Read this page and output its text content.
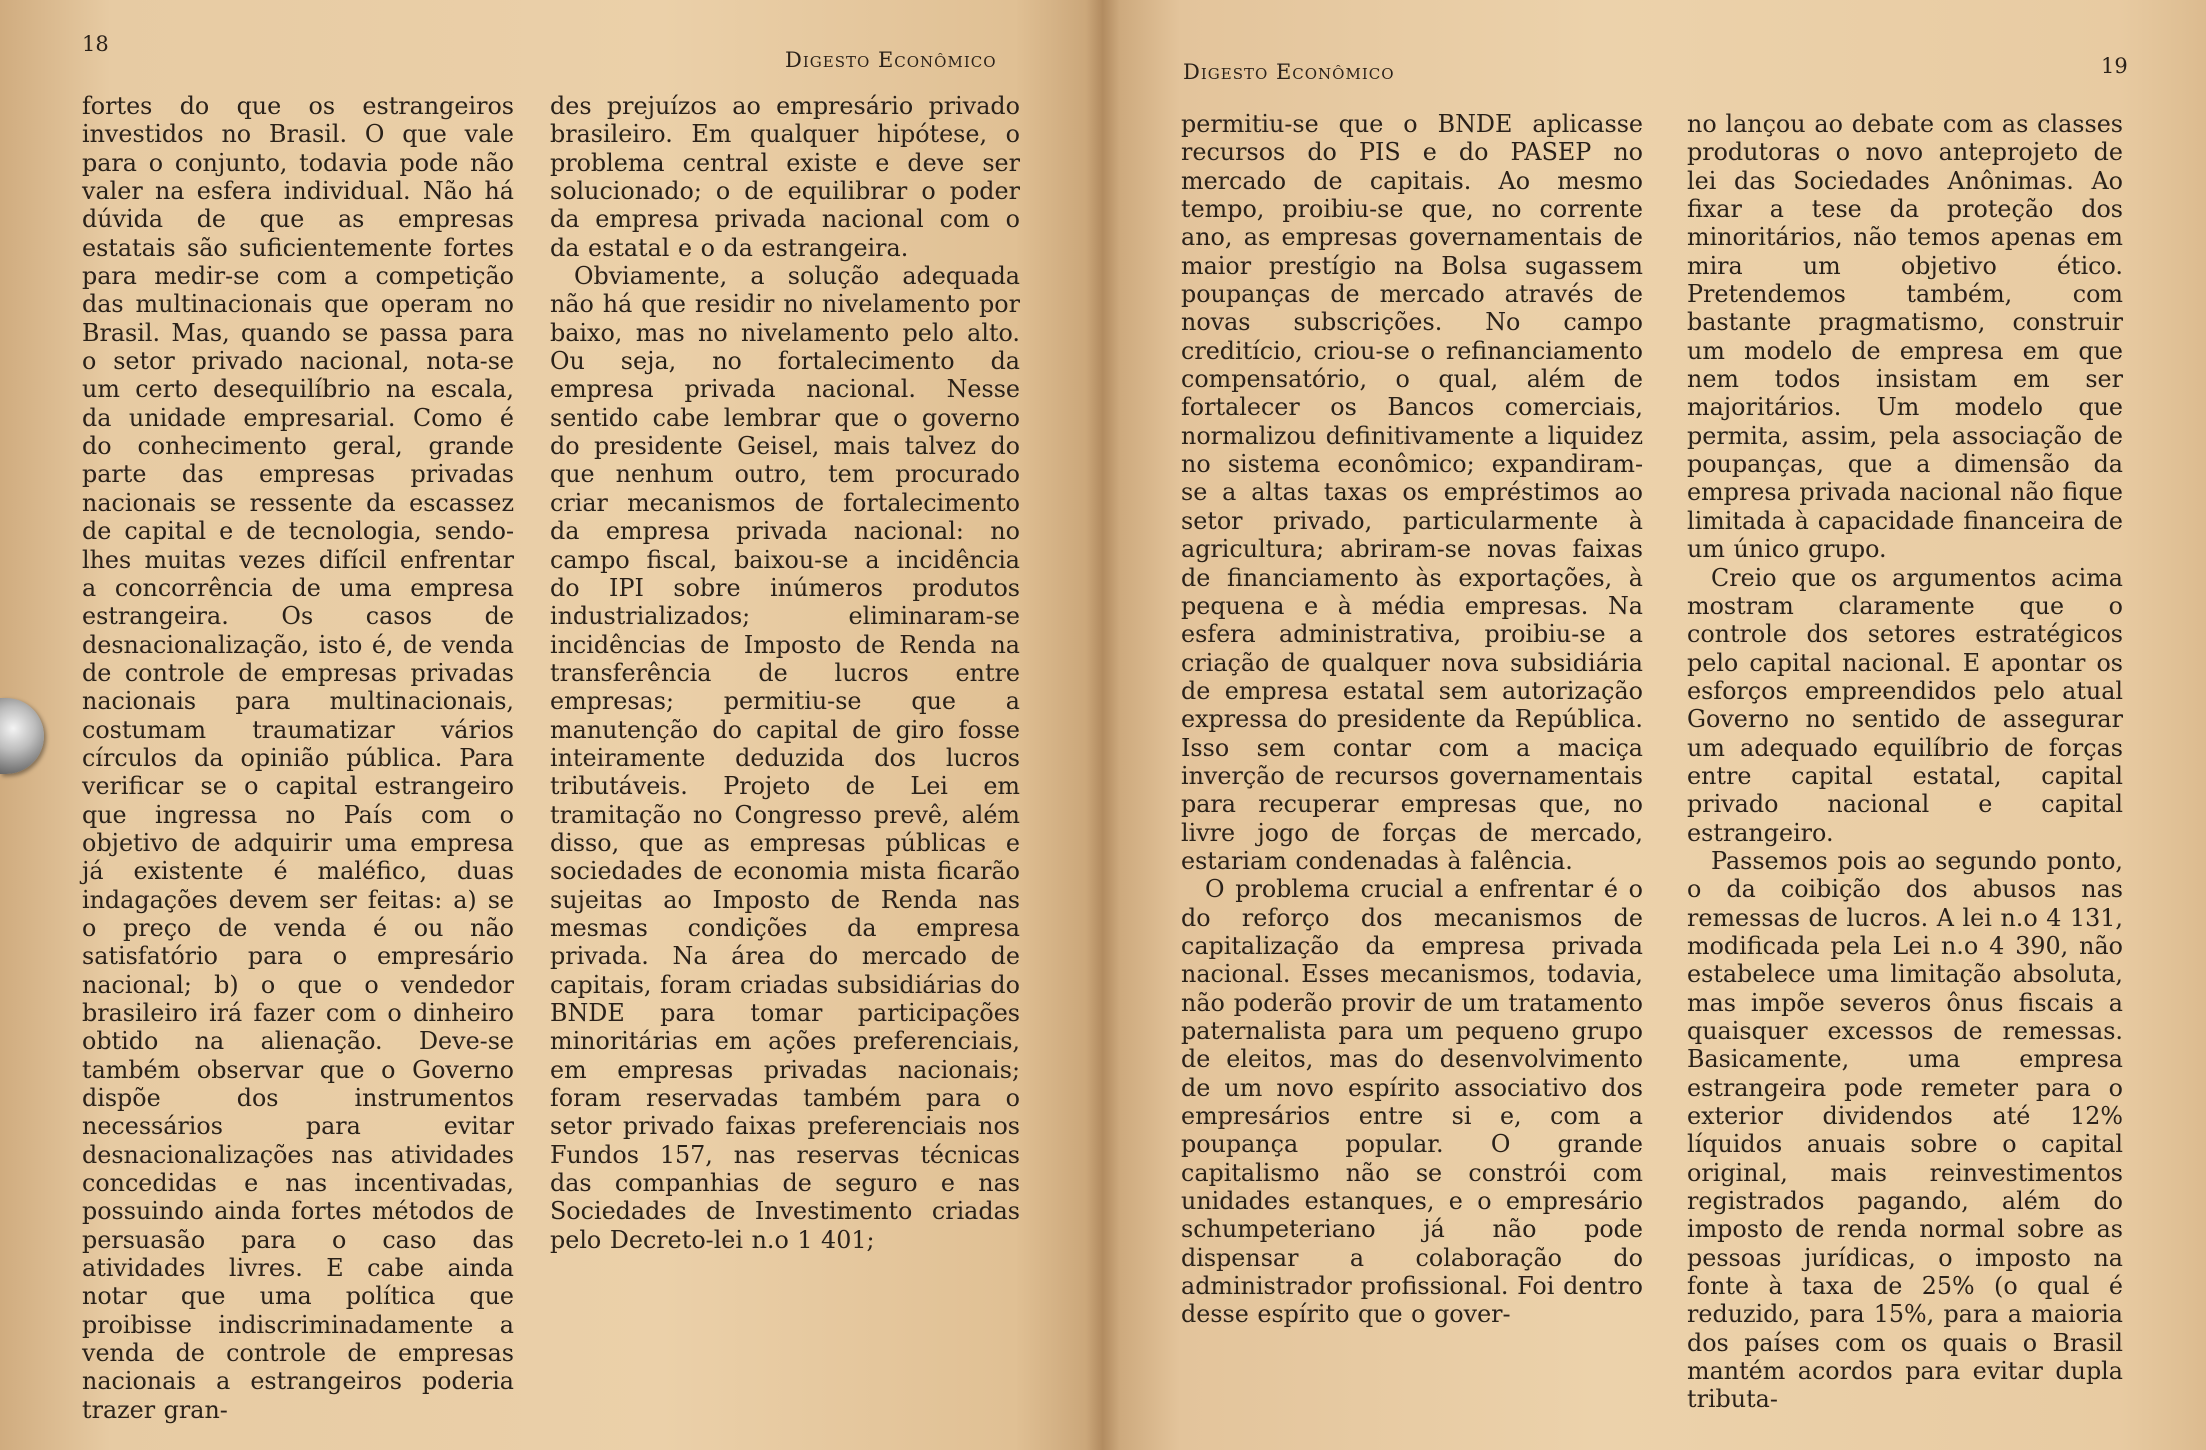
18
Digesto Econômico

fortes do que os estrangeiros investidos no Brasil. O que vale para o conjunto, todavia pode não valer na esfera individual. Não há dúvida de que as empresas estatais são suficientemente fortes para medir-se com a competição das multinacionais que operam no Brasil. Mas, quando se passa para o setor privado nacional, nota-se um certo desequilíbrio na escala, da unidade empresarial. Como é do conhecimento geral, grande parte das empresas privadas nacionais se ressente da escassez de capital e de tecnologia, sendo-lhes muitas vezes difícil enfrentar a concorrência de uma empresa estrangeira. Os casos de desnacionalização, isto é, de venda de controle de empresas privadas nacionais para multinacionais, costumam traumatizar vários círculos da opinião pública. Para verificar se o capital estrangeiro que ingressa no País com o objetivo de adquirir uma empresa já existente é maléfico, duas indagações devem ser feitas: a) se o preço de venda é ou não satisfatório para o empresário nacional; b) o que o vendedor brasileiro irá fazer com o dinheiro obtido na alienação. Deve-se também observar que o Governo dispõe dos instrumentos necessários para evitar desnacionalizações nas atividades concedidas e nas incentivadas, possuindo ainda fortes métodos de persuasão para o caso das atividades livres. E cabe ainda notar que uma política que proibisse indiscriminadamente a venda de controle de empresas nacionais a estrangeiros poderia trazer gran-

des prejuízos ao empresário privado brasileiro. Em qualquer hipótese, o problema central existe e deve ser solucionado; o de equilibrar o poder da empresa privada nacional com o da estatal e o da estrangeira.

Obviamente, a solução adequada não há que residir no nivelamento por baixo, mas no nivelamento pelo alto. Ou seja, no fortalecimento da empresa privada nacional. Nesse sentido cabe lembrar que o governo do presidente Geisel, mais talvez do que nenhum outro, tem procurado criar mecanismos de fortalecimento da empresa privada nacional: no campo fiscal, baixou-se a incidência do IPI sobre inúmeros produtos industrializados; eliminaram-se incidências de Imposto de Renda na transferência de lucros entre empresas; permitiu-se que a manutenção do capital de giro fosse inteiramente deduzida dos lucros tributáveis. Projeto de Lei em tramitação no Congresso prevê, além disso, que as empresas públicas e sociedades de economia mista ficarão sujeitas ao Imposto de Renda nas mesmas condições da empresa privada. Na área do mercado de capitais, foram criadas subsidiárias do BNDE para tomar participações minoritárias em ações preferenciais, em empresas privadas nacionais; foram reservadas também para o setor privado faixas preferenciais nos Fundos 157, nas reservas técnicas das companhias de seguro e nas Sociedades de Investimento criadas pelo Decreto-lei n.o 1 401;

Digesto Econômico	19

permitiu-se que o BNDE aplicasse recursos do PIS e do PASEP no mercado de capitais. Ao mesmo tempo, proibiu-se que, no corrente ano, as empresas governamentais de maior prestígio na Bolsa sugassem poupanças de mercado através de novas subscrições. No campo creditício, criou-se o refinanciamento compensatório, o qual, além de fortalecer os Bancos comerciais, normalizou definitivamente a liquidez no sistema econômico; expandiram-se a altas taxas os empréstimos ao setor privado, particularmente à agricultura; abriram-se novas faixas de financiamento às exportações, à pequena e à média empresas. Na esfera administrativa, proibiu-se a criação de qualquer nova subsidiária de empresa estatal sem autorização expressa do presidente da República. Isso sem contar com a maciça inverção de recursos governamentais para recuperar empresas que, no livre jogo de forças de mercado, estariam condenadas à falência.

O problema crucial a enfrentar é o do reforço dos mecanismos de capitalização da empresa privada nacional. Esses mecanismos, todavia, não poderão provir de um tratamento paternalista para um pequeno grupo de eleitos, mas do desenvolvimento de um novo espírito associativo dos empresários entre si e, com a poupança popular. O grande capitalismo não se constrói com unidades estanques, e o empresário schumpeteriano já não pode dispensar a colaboração do administrador profissional. Foi dentro desse espírito que o gover-

no lançou ao debate com as classes produtoras o novo anteprojeto de lei das Sociedades Anônimas. Ao fixar a tese da proteção dos minoritários, não temos apenas em mira um objetivo ético. Pretendemos também, com bastante pragmatismo, construir um modelo de empresa em que nem todos insistam em ser majoritários. Um modelo que permita, assim, pela associação de poupanças, que a dimensão da empresa privada nacional não fique limitada à capacidade financeira de um único grupo.

Creio que os argumentos acima mostram claramente que o controle dos setores estratégicos pelo capital nacional. E apontar os esforços empreendidos pelo atual Governo no sentido de assegurar um adequado equilíbrio de forças entre capital estatal, capital privado nacional e capital estrangeiro.

Passemos pois ao segundo ponto, o da coibição dos abusos nas remessas de lucros. A lei n.o 4 131, modificada pela Lei n.o 4 390, não estabelece uma limitação absoluta, mas impõe severos ônus fiscais a quaisquer excessos de remessas. Basicamente, uma empresa estrangeira pode remeter para o exterior dividendos até 12% líquidos anuais sobre o capital original, mais reinvestimentos registrados pagando, além do imposto de renda normal sobre as pessoas jurídicas, o imposto na fonte à taxa de 25% (o qual é reduzido, para 15%, para a maioria dos países com os quais o Brasil mantém acordos para evitar dupla tributa-
